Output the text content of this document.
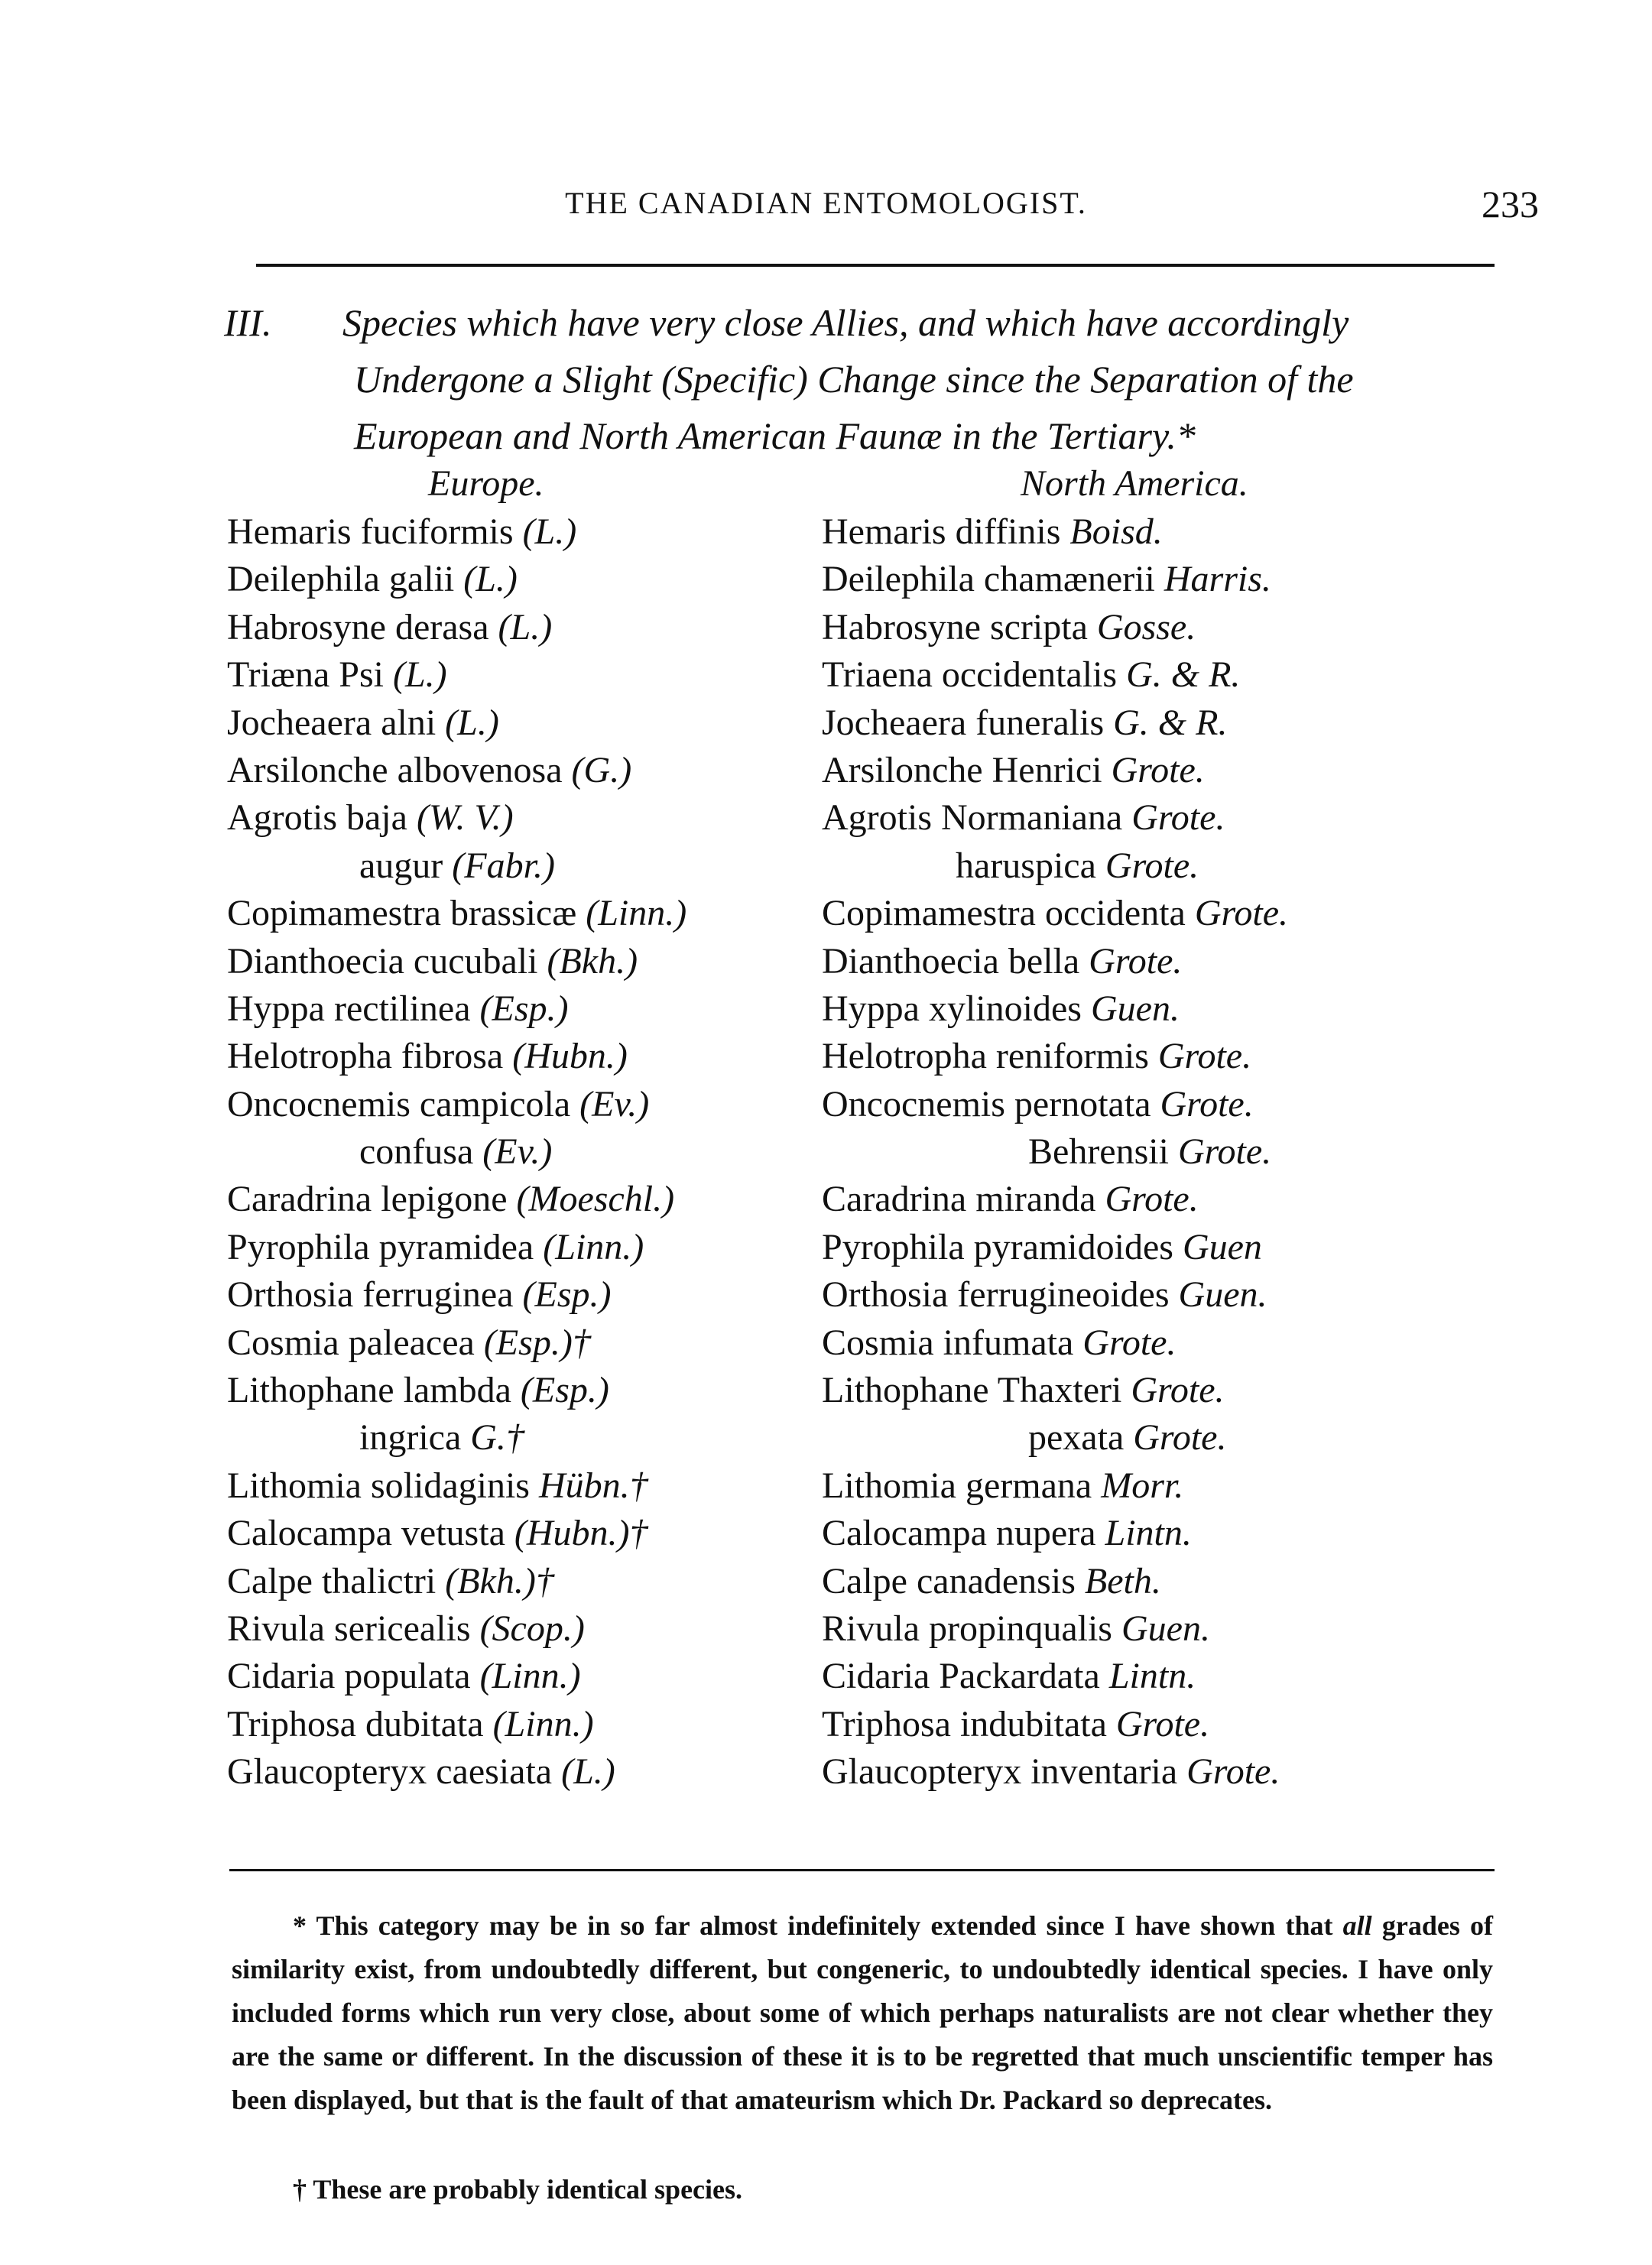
THE CANADIAN ENTOMOLOGIST.	233
III. Species which have very close Allies, and which have accordingly
Undergone a Slight (Specific) Change since the Separation of the
European and North American Faunæ in the Tertiary.*
Europe.	North America.
Hemaris fuciformis (L.)	Hemaris diffinis Boisd.
Deilephila galii (L.)	Deilephila chamænerii Harris.
Habrosyne derasa (L.)	Habrosyne scripta Gosse.
Triæna Psi (L.)	Triaena occidentalis G. & R.
Jocheaera alni (L.)	Jocheaera funeralis G. & R.
Arsilonche albovenosa (G.)	Arsilonche Henrici Grote.
Agrotis baja (W. V.)	Agrotis Normaniana Grote.
augur (Fabr.)	haruspica Grote.
Copimamestra brassicæ (Linn.)	Copimamestra occidenta Grote.
Dianthoecia cucubali (Bkh.)	Dianthoecia bella Grote.
Hyppa rectilinea (Esp.)	Hyppa xylinoides Guen.
Helotropha fibrosa (Hubn.)	Helotropha reniformis Grote.
Oncocnemis campicola (Ev.)	Oncocnemis pernotata Grote.
confusa (Ev.)	Behrensii Grote.
Caradrina lepigone (Moeschl.)	Caradrina miranda Grote.
Pyrophila pyramidea (Linn.)	Pyrophila pyramidoides Guen
Orthosia ferruginea (Esp.)	Orthosia ferrugineoides Guen.
Cosmia paleacea (Esp.)†	Cosmia infumata Grote.
Lithophane lambda (Esp.)	Lithophane Thaxteri Grote.
ingrica G.†	pexata Grote.
Lithomia solidaginis Hübn.†	Lithomia germana Morr.
Calocampa vetusta (Hubn.)†	Calocampa nupera Lintn.
Calpe thalictri (Bkh.)†	Calpe canadensis Beth.
Rivula sericealis (Scop.)	Rivula propinqualis Guen.
Cidaria populata (Linn.)	Cidaria Packardata Lintn.
Triphosa dubitata (Linn.)	Triphosa indubitata Grote.
Glaucopteryx caesiata (L.)	Glaucopteryx inventaria Grote.

* This category may be in so far almost indefinitely extended since I have shown that all grades of similarity exist, from undoubtedly different, but congeneric, to undoubtedly identical species. I have only included forms which run very close, about some of which perhaps naturalists are not clear whether they are the same or different. In the discussion of these it is to be regretted that much unscientific temper has been displayed, but that is the fault of that amateurism which Dr. Packard so deprecates.

† These are probably identical species.
